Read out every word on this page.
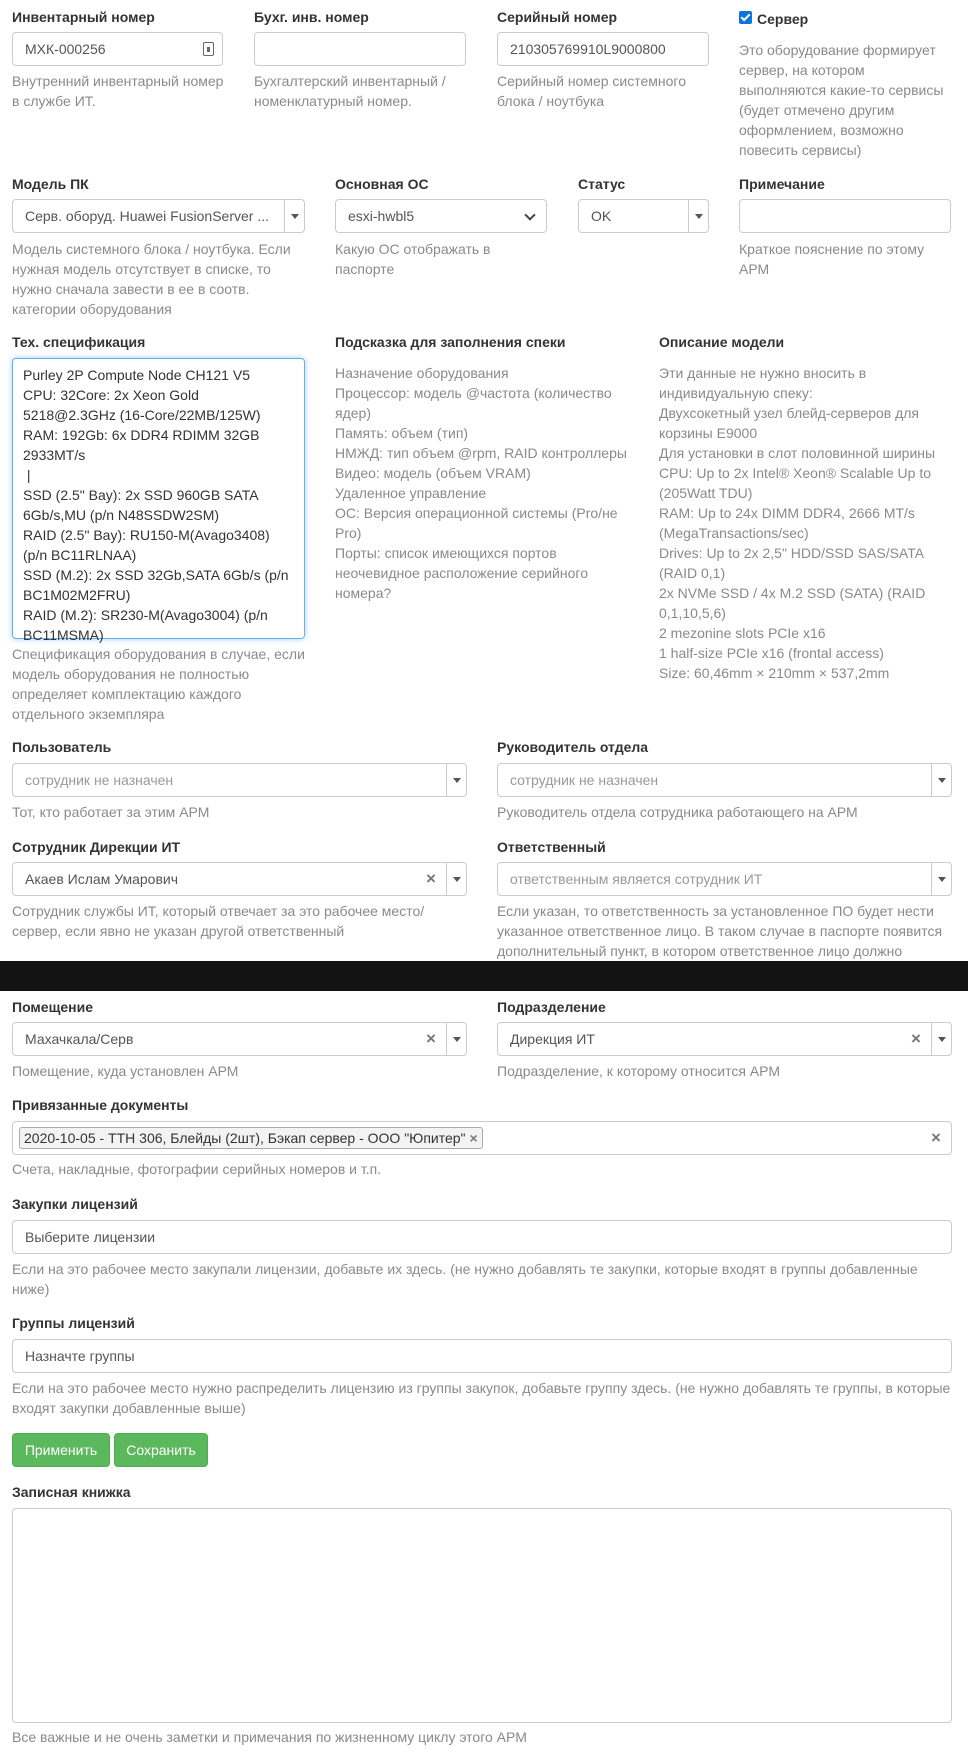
Инвентарный номер
МХК-000256
Внутренний инвентарный номер в службе ИТ.
Бухг. инв. номер
Бухгалтерский инвентарный / номенклатурный номер.
Серийный номер
210305769910L9000800
Серийный номер системного блока / ноутбука
Сервер
Это оборудование формирует сервер, на котором выполняются какие-то сервисы (будет отмечено другим оформлением, возможно повесить сервисы)
Модель ПК
Серв. оборуд. Huawei FusionServer ...
Модель системного блока / ноутбука. Если нужная модель отсутствует в списке, то нужно сначала завести в ее в соотв. категории оборудования
Основная ОС
esxi-hwbl5
Какую ОС отображать в паспорте
Статус
OK
Примечание
Краткое пояснение по этому АРМ
Тех. спецификация
Purley 2P Compute Node CH121 V5
CPU: 32Core: 2x Xeon Gold 5218@2.3GHz (16-Core/22MB/125W)
RAM: 192Gb: 6x DDR4 RDIMM 32GB 2933MT/s
|
SSD (2.5" Bay): 2x SSD 960GB SATA 6Gb/s,MU (p/n N48SSDW2SM)
RAID (2.5" Bay): RU150-M(Avago3408) (p/n BC11RLNAA)
SSD (M.2): 2x SSD 32Gb,SATA 6Gb/s (p/n BC1M02M2FRU)
RAID (M.2): SR230-M(Avago3004) (p/n BC11MSMA)
Спецификация оборудования в случае, если модель оборудования не полностью определяет комплектацию каждого отдельного экземпляра
Подсказка для заполнения спеки
Назначение оборудования
Процессор: модель @частота (количество ядер)
Память: объем (тип)
НМЖД: тип объем @rpm, RAID контроллеры
Видео: модель (объем VRAM)
Удаленное управление
ОС: Версия операционной системы (Pro/не Pro)
Порты: список имеющихся портов неочевидное расположение серийного номера?
Описание модели
Эти данные не нужно вносить в индивидуальную спеку:
Двухсокетный узел блейд-серверов для корзины E9000
Для установки в слот половинной ширины
CPU: Up to 2x Intel® Xeon® Scalable Up to (205Watt TDU)
RAM: Up to 24x DIMM DDR4, 2666 MT/s (MegaTransactions/sec)
Drives: Up to 2x 2,5" HDD/SSD SAS/SATA (RAID 0,1)
2x NVMe SSD / 4x M.2 SSD (SATA) (RAID 0,1,10,5,6)
2 mezonine slots PCIe x16
1 half-size PCIe x16 (frontal access)
Size: 60,46mm × 210mm × 537,2mm
Пользователь
сотрудник не назначен
Тот, кто работает за этим АРМ
Руководитель отдела
сотрудник не назначен
Руководитель отдела сотрудника работающего на АРМ
Сотрудник Дирекции ИТ
Акаев Ислам Умарович	×
Сотрудник службы ИТ, который отвечает за это рабочее место/сервер, если явно не указан другой ответственный
Ответственный
ответственным является сотрудник ИТ
Если указан, то ответственность за установленное ПО будет нести указанное ответственное лицо. В таком случае в паспорте появится дополнительный пункт, в котором ответственное лицо должно
Помещение
Махачкала/Серв	×
Помещение, куда установлен АРМ
Подразделение
Дирекция ИТ	×
Подразделение, к которому относится АРМ
Привязанные документы
2020-10-05 - ТТН 306, Блейды (2шт), Бэкап сервер - ООО "Юпитер" ×	×
Счета, накладные, фотографии серийных номеров и т.п.
Закупки лицензий
Выберите лицензии
Если на это рабочее место закупали лицензии, добавьте их здесь. (не нужно добавлять те закупки, которые входят в группы добавленные ниже)
Группы лицензий
Назначте группы
Если на это рабочее место нужно распределить лицензию из группы закупок, добавьте группу здесь. (не нужно добавлять те группы, в которые входят закупки добавленные выше)
Применить	Сохранить
Записная книжка
Все важные и не очень заметки и примечания по жизненному циклу этого АРМ
